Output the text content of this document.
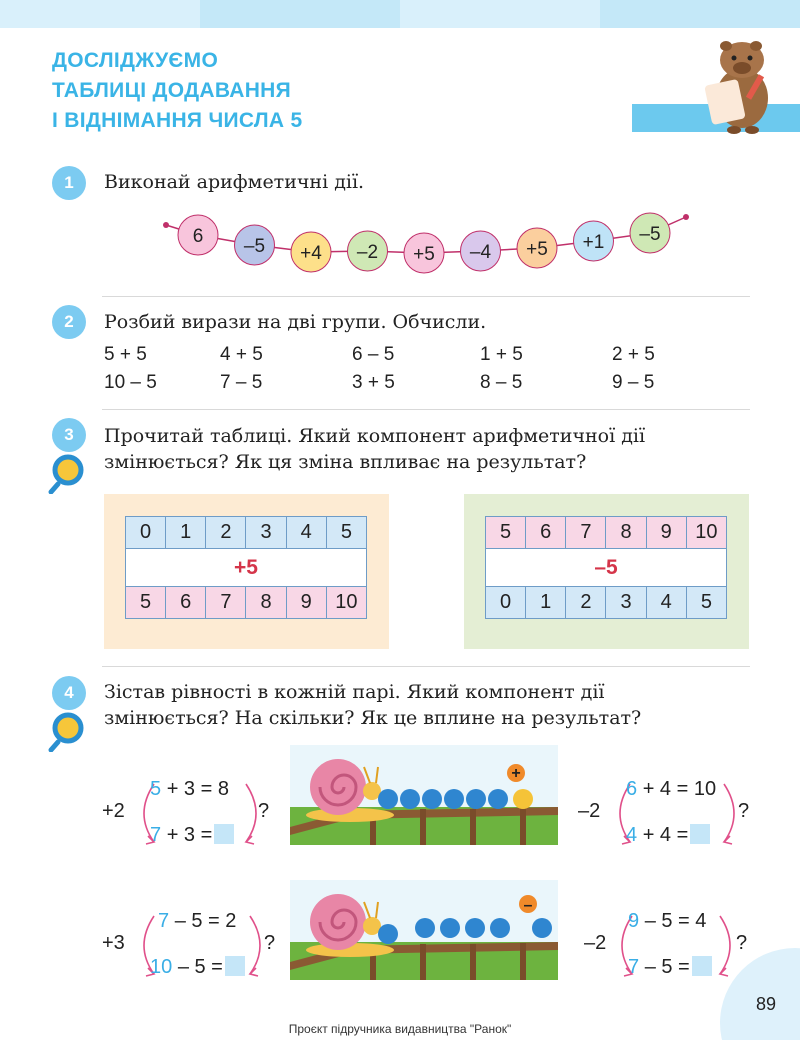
ДОСЛІДЖУЄМО
ТАБЛИЦІ ДОДАВАННЯ
І ВІДНІМАННЯ ЧИСЛА 5
1	Виконай арифметичні дії.
6 –5 +4 –2 +5 –4 +5 +1 –5
2	Розбий вирази на дві групи. Обчисли.
5 + 5	4 + 5	6 – 5	1 + 5	2 + 5
10 – 5	7 – 5	3 + 5	8 – 5	9 – 5
3	Прочитай таблиці. Який компонент арифметичної дії
змінюється? Як ця зміна впливає на результат?
0	1	2	3	4	5
+5					
5	6	7	8	9	10
5	6	7	8	9	10
–5					
0	1	2	3	4	5
4	Зістав рівності в кожній парі. Який компонент дії
змінюється? На скільки? Як це вплине на результат?
+2
5 + 3 = 8
7 + 3 =
?
+
–2
6 + 4 = 10
4 + 4 =
?
+3
7 – 5 = 2
10 – 5 =
?
–
–2
9 – 5 = 4
7 – 5 =
?
89
Проєкт підручника видавництва "Ранок"
